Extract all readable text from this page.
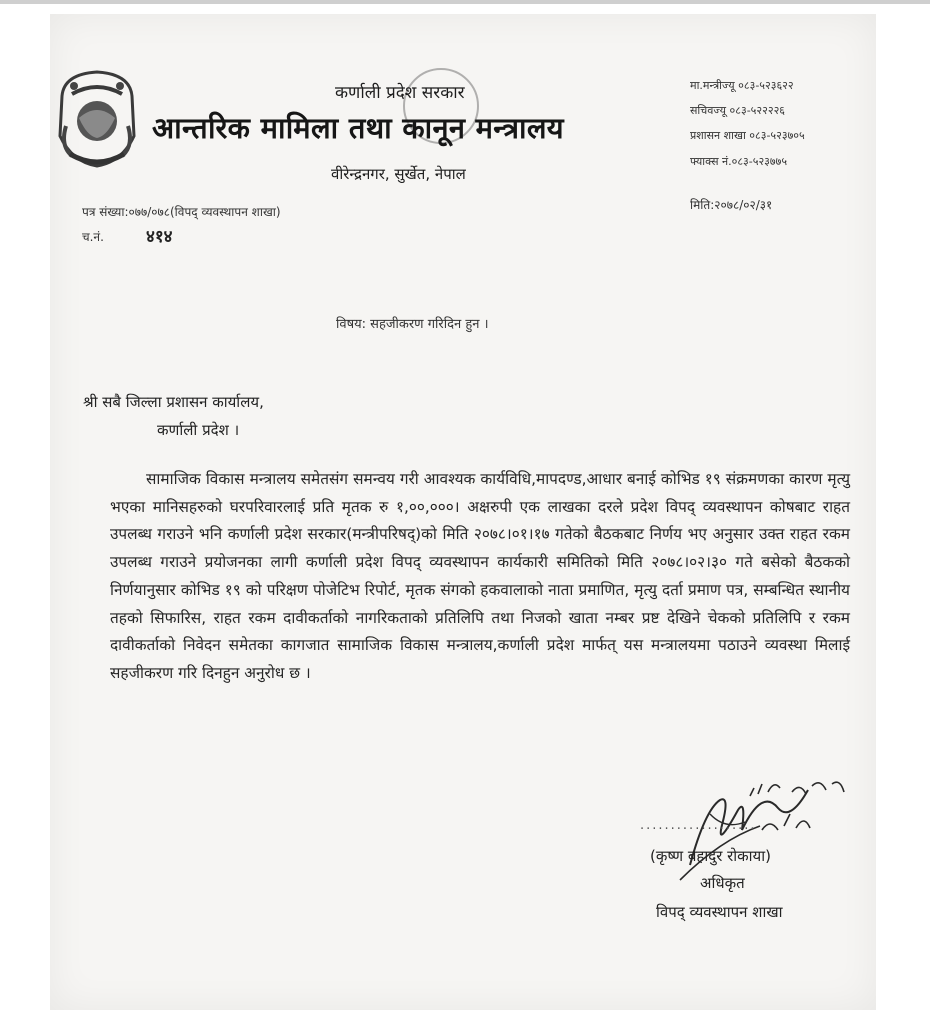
कर्णाली प्रदेश सरकार
आन्तरिक मामिला तथा कानून मन्त्रालय
वीरेन्द्रनगर, सुर्खेत, नेपाल
मा.मन्त्रीज्यू ०८३-५२३६२२
सचिवज्यू ०८३-५२२२२६
प्रशासन शाखा ०८३-५२३७०५
फ्याक्स नं.०८३-५२३७७५
मिति:२०७८/०२/३१
पत्र संख्या:०७७/०७८(विपद् व्यवस्थापन शाखा)
च.नं. ४१४
विषय: सहजीकरण गरिदिन हुन ।
श्री सबै जिल्ला प्रशासन कार्यालय,
कर्णाली प्रदेश ।
सामाजिक विकास मन्त्रालय समेतसंग समन्वय गरी आवश्यक कार्यविधि,मापदण्ड,आधार बनाई कोभिड १९ संक्रमणका कारण मृत्यु भएका मानिसहरुको घरपरिवारलाई प्रति मृतक रु १,००,०००। अक्षरुपी एक लाखका दरले प्रदेश विपद् व्यवस्थापन कोषबाट राहत उपलब्ध गराउने भनि कर्णाली प्रदेश सरकार(मन्त्रीपरिषद्)को मिति २०७८।०१।१७ गतेको बैठकबाट निर्णय भए अनुसार उक्त राहत रकम उपलब्ध गराउने प्रयोजनका लागी कर्णाली प्रदेश विपद् व्यवस्थापन कार्यकारी समितिको मिति २०७८।०२।३० गते बसेको बैठकको निर्णयानुसार कोभिड १९ को परिक्षण पोजेटिभ रिपोर्ट, मृतक संगको हकवालाको नाता प्रमाणित, मृत्यु दर्ता प्रमाण पत्र, सम्बन्धित स्थानीय तहको सिफारिस, राहत रकम दावीकर्ताको नागरिकताको प्रतिलिपि तथा निजको खाता नम्बर प्रष्ट देखिने चेकको प्रतिलिपि र रकम दावीकर्ताको निवेदन समेतका कागजात सामाजिक विकास मन्त्रालय,कर्णाली प्रदेश मार्फत् यस मन्त्रालयमा पठाउने व्यवस्था मिलाई सहजीकरण गरि दिनहुन अनुरोध छ ।
...................
(कृष्ण बहादुर रोकाया)
अधिकृत
विपद् व्यवस्थापन शाखा
